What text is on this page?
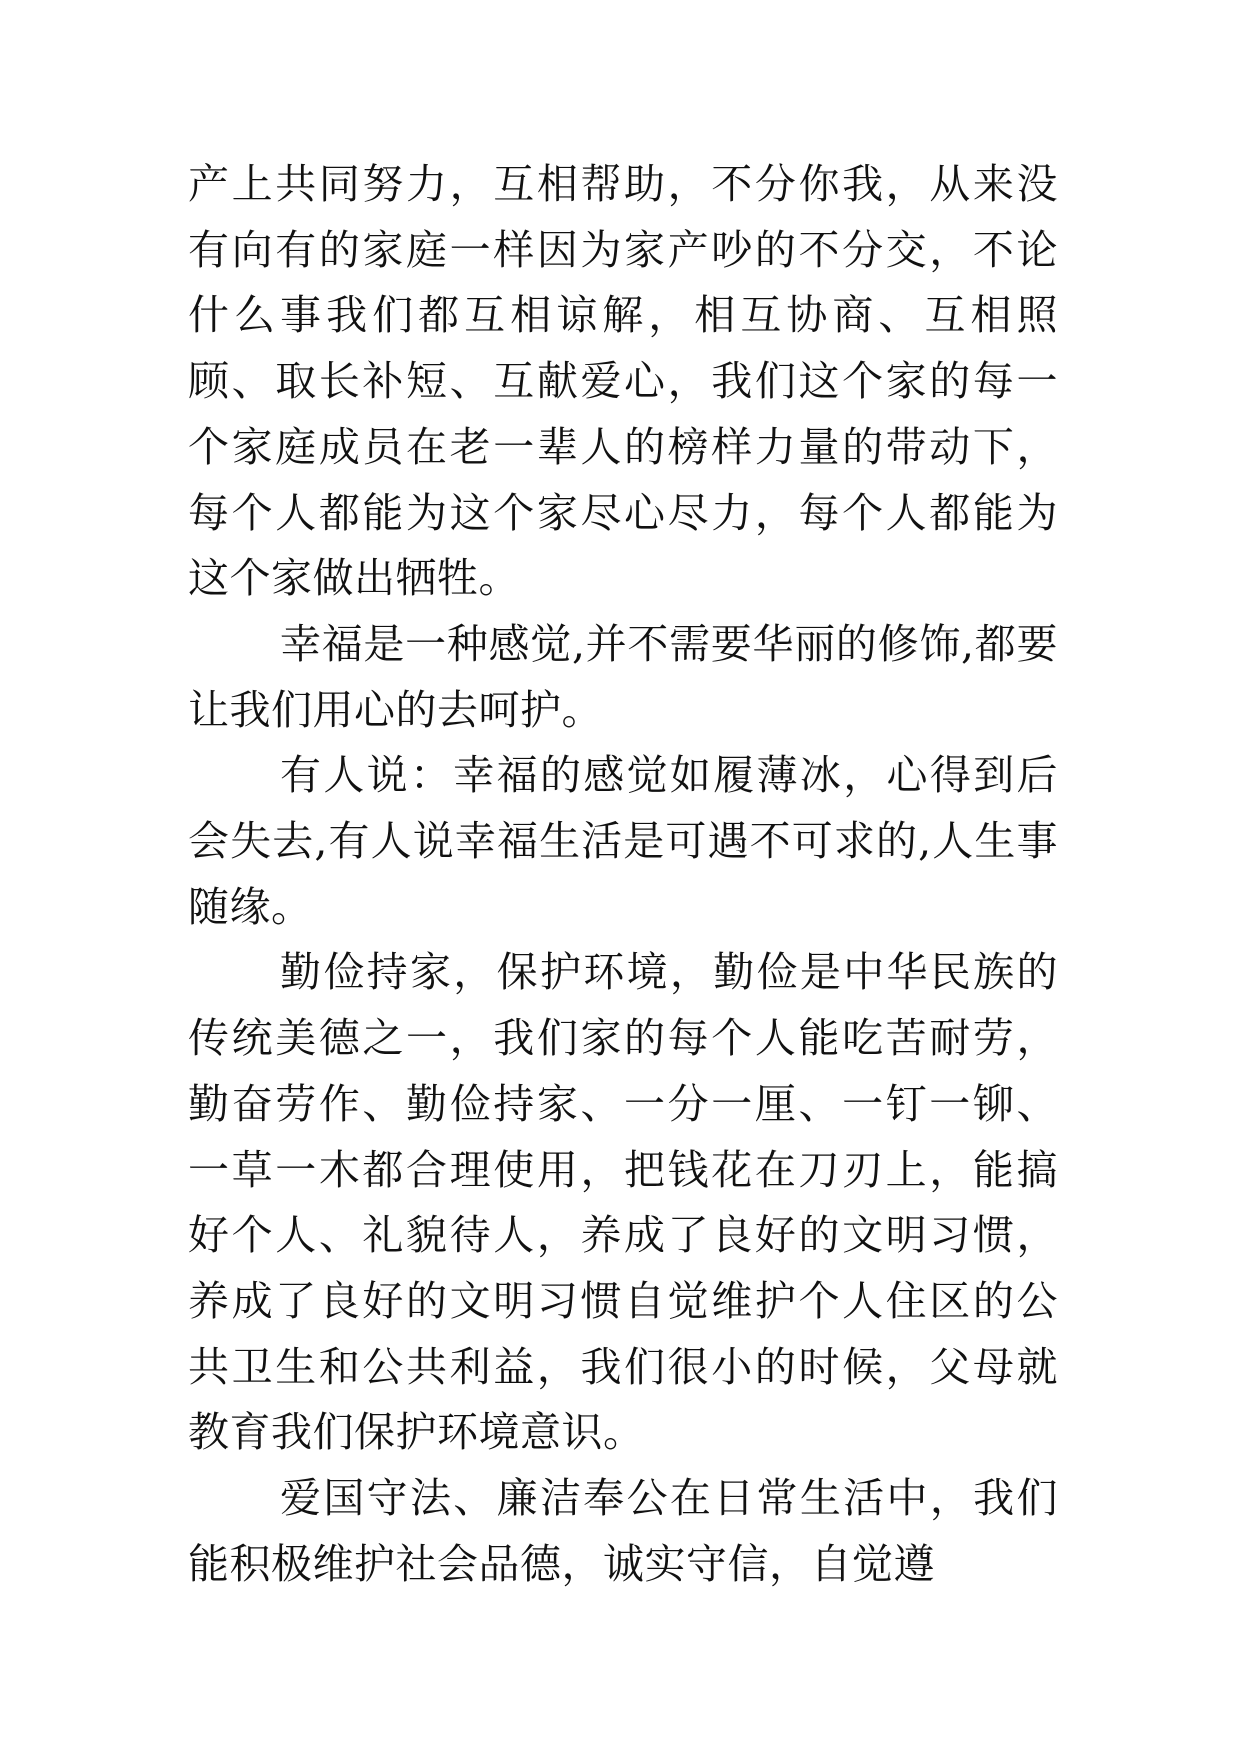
产上共同努力，互相帮助，不分你我，从来没有向有的家庭一样因为家产吵的不分交，不论什么事我们都互相谅解，相互协商、互相照顾、取长补短、互献爱心，我们这个家的每一个家庭成员在老一辈人的榜样力量的带动下，每个人都能为这个家尽心尽力，每个人都能为这个家做出牺牲。

幸福是一种感觉,并不需要华丽的修饰,都要让我们用心的去呵护。

有人说：幸福的感觉如履薄冰，心得到后会失去,有人说幸福生活是可遇不可求的,人生事随缘。

勤俭持家，保护环境，勤俭是中华民族的传统美德之一，我们家的每个人能吃苦耐劳，勤奋劳作、勤俭持家、一分一厘、一钉一铆、一草一木都合理使用，把钱花在刀刃上，能搞好个人、礼貌待人，养成了良好的文明习惯，养成了良好的文明习惯自觉维护个人住区的公共卫生和公共利益，我们很小的时候，父母就教育我们保护环境意识。

爱国守法、廉洁奉公在日常生活中，我们能积极维护社会品德，诚实守信，自觉遵
